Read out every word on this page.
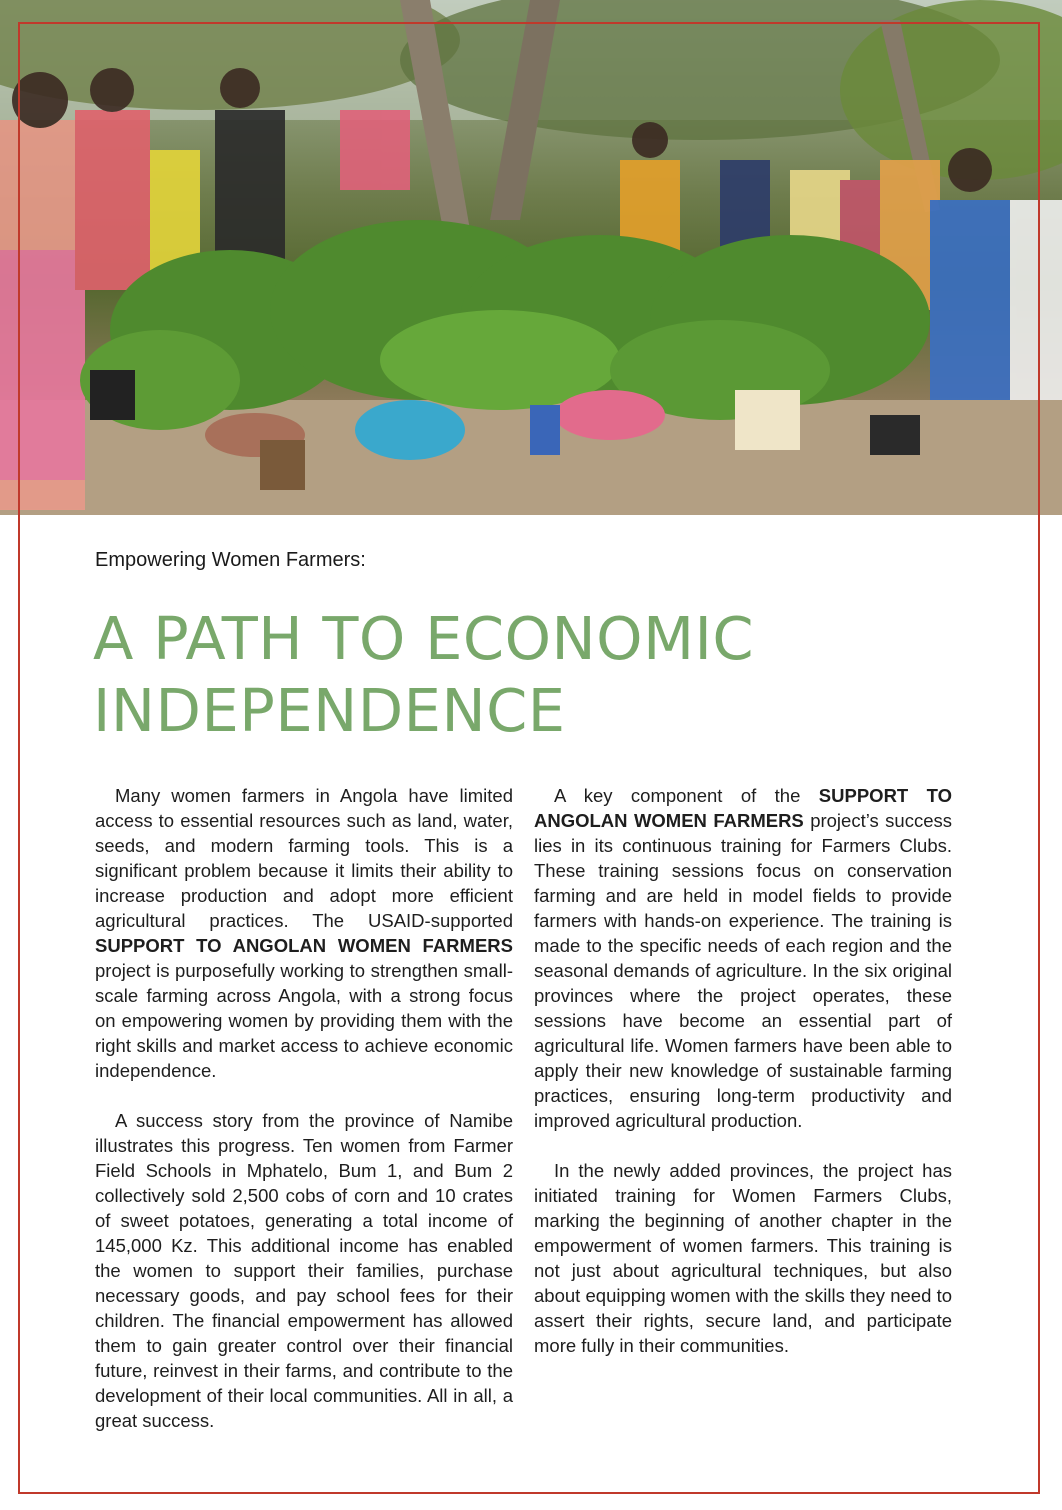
Empowering Women Farmers:
A PATH TO ECONOMIC
INDEPENDENCE

Many women farmers in Angola have limited access to essential resources such as land, water, seeds, and modern farming tools. This is a significant problem because it limits their ability to increase production and adopt more efficient agricultural practices. The USAID-supported SUPPORT TO ANGOLAN WOMEN FARMERS project is purposefully working to strengthen small-scale farming across Angola, with a strong focus on empowering women by providing them with the right skills and market access to achieve economic independence.

A success story from the province of Namibe illustrates this progress. Ten women from Farmer Field Schools in Mphatelo, Bum 1, and Bum 2 collectively sold 2,500 cobs of corn and 10 crates of sweet potatoes, generating a total income of 145,000 Kz. This additional income has enabled the women to support their families, purchase necessary goods, and pay school fees for their children. The financial empowerment has allowed them to gain greater control over their financial future, reinvest in their farms, and contribute to the development of their local communities. All in all, a great success.

A key component of the SUPPORT TO ANGOLAN WOMEN FARMERS project’s success lies in its continuous training for Farmers Clubs. These training sessions focus on conservation farming and are held in model fields to provide farmers with hands-on experience. The training is made to the specific needs of each region and the seasonal demands of agriculture. In the six original provinces where the project operates, these sessions have become an essential part of agricultural life. Women farmers have been able to apply their new knowledge of sustainable farming practices, ensuring long-term productivity and improved agricultural production.

In the newly added provinces, the project has initiated training for Women Farmers Clubs, marking the beginning of another chapter in the empowerment of women farmers. This training is not just about agricultural techniques, but also about equipping women with the skills they need to assert their rights, secure land, and participate more fully in their communities.
